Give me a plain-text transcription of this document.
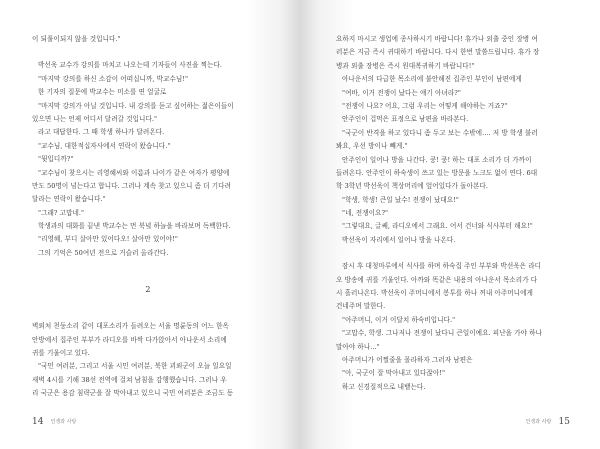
이 되풀이되지 않을 것입니다."
박선욱 교수가 강의를 마치고 나오는데 기자들이 사진을 찍는다.
"마지막 강의를 하신 소감이 어떠십니까, 박교수님!"
한 기자의 질문에 박교수는 미소를 띤 얼굴로
"마지막 강의가 아닐 것입니다. 내 강의를 듣고 싶어하는 젊은이들이
있으면 나는 언제 어디서 달려갈 것입니다."
라고 대답한다. 그 때 학생 하나가 달려온다.
"교수님, 대한적십자사에서 연락이 왔습니다."
"뭣입디까?"
"교수님이 찾으시는 리영혜씨와 이름과 나이가 같은 여자가 평양에
만도 50명이 넘는다고 합니다. 그러나 계속 찾고 있으니 좀 더 기다려
달라는 연락이 왔습니다."
"그래? 고맙네."
학생과의 대화를 끝낸 박교수는 먼 북녘 하늘을 바라보며 독백한다.
"리영혜, 부디 살아만 있어다오! 살아만 있어야!"
그의 기억은 50여년 전으로 거슬러 올라간다.
2
벽뢰처 천둥소리 같이 대포소리가 들려오는 서울 명륜동의 어느 한옥
안방에서 집주인 부부가 라디오를 바싹 다가앉아서 아나운서 소리에
귀를 기울이고 있다.
"국민 여러분, 그리고 서울 시민 여러분, 북한 괴뢰군이 오늘 일요일
새벽 4시를 기해 38선 전역에 걸쳐 남침을 감행했습니다. 그러나 우
리 국군은 용감 침략군을 잘 막아내고 있으니 국민 여러분은 조금도 동
14 인생과 사랑
요하지 마시고 생업에 종사하시기 바랍니다! 휴가나 외출 중인 장병 여
러분은 지금 즉시 귀대하기 바랍니다. 다시 한번 말씀드립니다. 휴가 장
병과 외출 장병은 즉시 원대복귀하기 바랍니다!"
아나운서의 다급한 목소리에 불안해진 집주인 부인이 남편에게
"여바, 이거 전쟁이 났다는 얘기 아녀라?"
"전쟁이 나요? 어요, 그럼 우리는 어떻게 해야하는 거죠?"
안주인이 겁먹은 표정으로 남편을 바라본다.
"국군이 반격을 하고 있다니 좀 두고 보는 수밖에.... 저 방 학생 불러
봐요, 우선 방이나 빼게."
안주인이 일어나 방을 나간다. 쿵! 쿵! 하는 대포 소리가 더 가까이
들려온다. 안주인이 하숙생이 쓰고 있는 방문을 노크도 없이 연다. 6대
학 3학년 박선욱이 책상머리에 엎어있다가 돌아본다.
"학생, 학생! 큰일 났수! 전쟁이 났대요!"
"네, 전쟁이요?"
"그렇대요, 글쎄, 라디오에서 그래요. 어서 건너와 식사부터 해요!"
박선욱이 자리에서 일어나 방을 나온다.
잠시 후 대청마루에서 식사를 하며 하숙집 주인 부부와 박선욱은 라디
오 방송에 귀를 기울인다. 아까와 똑같은 내용의 아나운서 목소리가 다
시 흘러나온다. 박선욱이 주머니에서 봉투를 하나 꺼내 아주머니에게
건네주며 말한다.
"아주머니, 이거 이달치 하숙비입니다."
"고맙수, 학생. 그나저나 전쟁이 났다니 큰일이예요. 피난을 가야 하나
말아야 하나..."
아주머니가 어쩔줄을 몰라하자 그러자 남편은
"아, 국군이 잘 막아내고 있다잖아!"
하고 신경질적으로 내뱉는다.
인생과 사랑 15
